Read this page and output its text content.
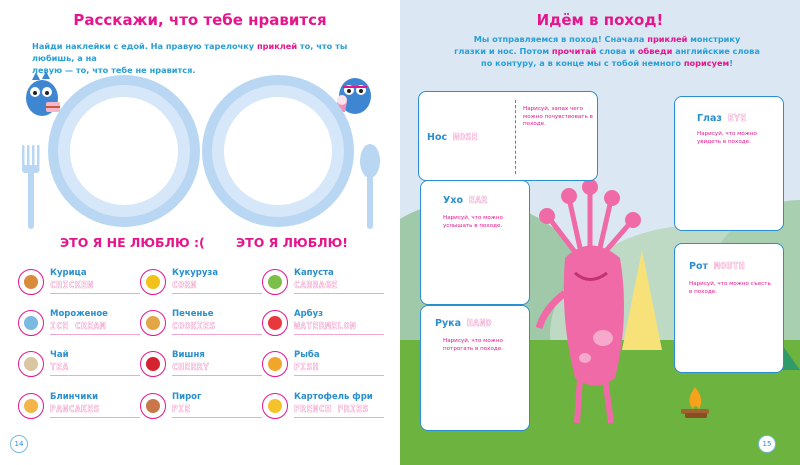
Расскажи, что тебе нравится
Найди наклейки с едой. На правую тарелочку приклей то, что ты любишь, а на
левую — то, что тебе не нравится.
ЭТО Я НЕ ЛЮБЛЮ :(	ЭТО Я ЛЮБЛЮ!
Курица
CHICKEN
Кукуруза
CORN
Капуста
CABBAGE
Мороженое
ICE CREAM
Печенье
COOKIES
Арбуз
WATERMELON
Чай
TEA
Вишня
CHERRY
Рыба
FISH
Блинчики
PANCAKES
Пирог
PIE
Картофель фри
FRENCH FRIES
14
Идём в поход!
Мы отправляемся в поход! Сначала приклей монстрику
глазки и нос. Потом прочитай слова и обведи английские слова
по контуру, а в конце мы с тобой немного порисуем!
Нос NOSE
Нарисуй, запах чего можно почувствовать в походе.	Глаз EYE
Нарисуй, что можно увидеть в походе.
Ухо EAR
Нарисуй, что можно услышать в походе.
Рот MOUTH
Нарисуй, что можно съесть в походе.
Рука HAND
Нарисуй, что можно потрогать в походе.
15
